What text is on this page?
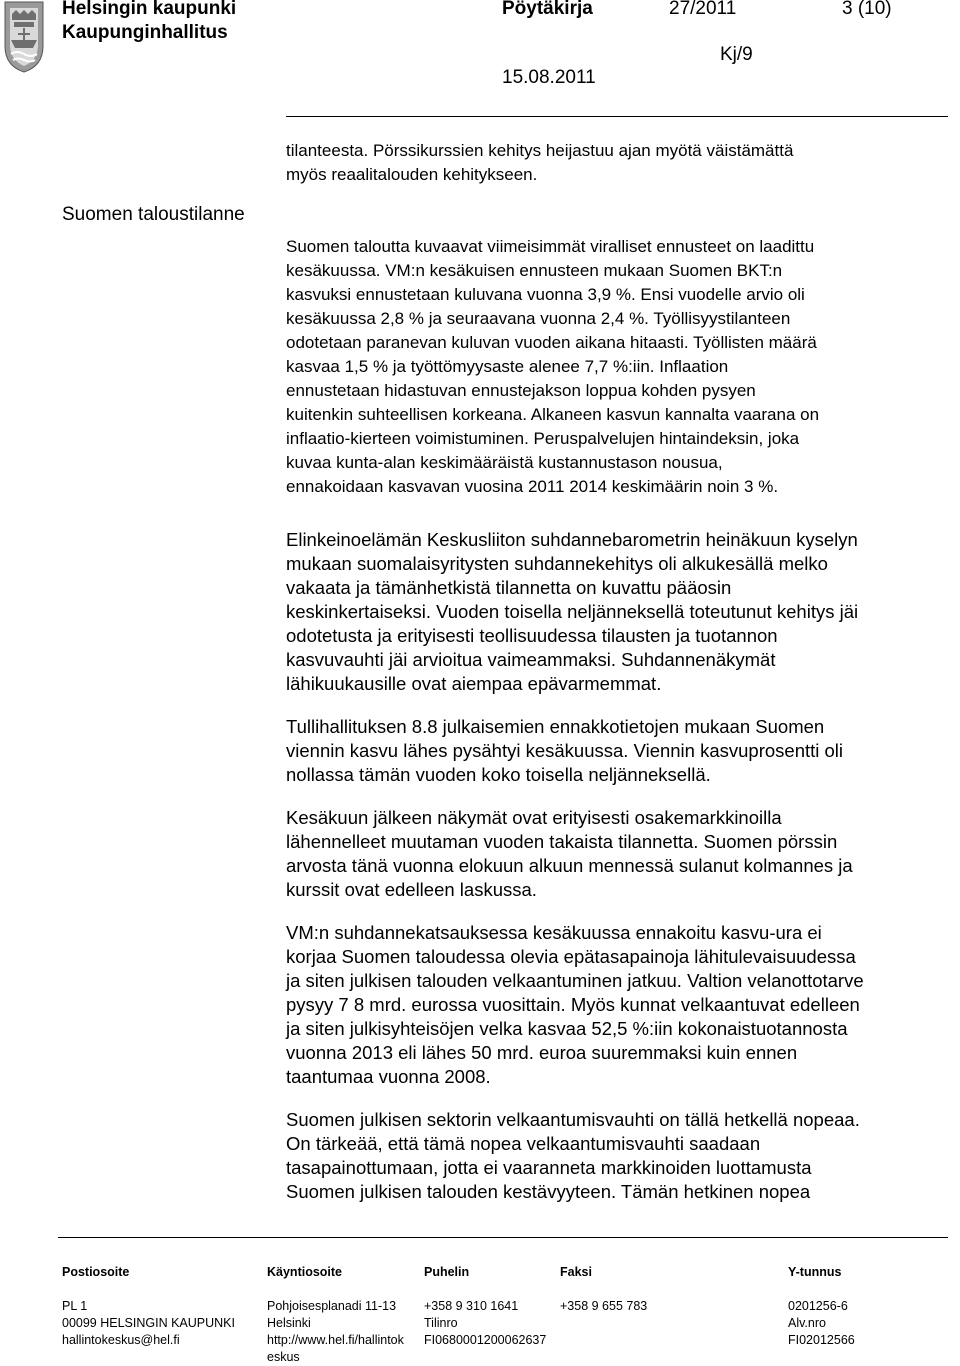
Helsingin kaupunki
Kaupunginhallitus
Pöytäkirja	27/2011	3 (10)
Kj/9
15.08.2011
Suomen taloustilanne

tilanteesta. Pörssikurssien kehitys heijastuu ajan myötä väistämättä
myös reaalitalouden kehitykseen.

Suomen taloutta kuvaavat viimeisimmät viralliset ennusteet on laadittu
kesäkuussa. VM:n kesäkuisen ennusteen mukaan Suomen BKT:n
kasvuksi ennustetaan kuluvana vuonna 3,9 %. Ensi vuodelle arvio oli
kesäkuussa 2,8 % ja seuraavana vuonna 2,4 %. Työllisyystilanteen
odotetaan paranevan kuluvan vuoden aikana hitaasti. Työllisten määrä
kasvaa 1,5 % ja työttömyysaste alenee 7,7 %:iin. Inflaation
ennustetaan hidastuvan ennustejakson loppua kohden pysyen
kuitenkin suhteellisen korkeana. Alkaneen kasvun kannalta vaarana on
inflaatio-kierteen voimistuminen. Peruspalvelujen hintaindeksin, joka
kuvaa kunta-alan keskimääräistä kustannustason nousua,
ennakoidaan kasvavan vuosina 2011 2014 keskimäärin noin 3 %.

Elinkeinoelämän Keskusliiton suhdannebarometrin heinäkuun kyselyn
mukaan suomalaisyritysten suhdannekehitys oli alkukesällä melko
vakaata ja tämänhetkistä tilannetta on kuvattu pääosin
keskinkertaiseksi. Vuoden toisella neljänneksellä toteutunut kehitys jäi
odotetusta ja erityisesti teollisuudessa tilausten ja tuotannon
kasvuvauhti jäi arvioitua vaimeammaksi. Suhdannenäkymät
lähikuukausille ovat aiempaa epävarmemmat.

Tullihallituksen 8.8 julkaisemien ennakkotietojen mukaan Suomen
viennin kasvu lähes pysähtyi kesäkuussa. Viennin kasvuprosentti oli
nollassa tämän vuoden koko toisella neljänneksellä.

Kesäkuun jälkeen näkymät ovat erityisesti osakemarkkinoilla
lähennelleet muutaman vuoden takaista tilannetta. Suomen pörssin
arvosta tänä vuonna elokuun alkuun mennessä sulanut kolmannes ja
kurssit ovat edelleen laskussa.

VM:n suhdannekatsauksessa kesäkuussa ennakoitu kasvu-ura ei
korjaa Suomen taloudessa olevia epätasapainoja lähitulevaisuudessa
ja siten julkisen talouden velkaantuminen jatkuu. Valtion velanottotarve
pysyy 7 8 mrd. eurossa vuosittain. Myös kunnat velkaantuvat edelleen
ja siten julkisyhteisöjen velka kasvaa 52,5 %:iin kokonaistuotannosta
vuonna 2013 eli lähes 50 mrd. euroa suuremmaksi kuin ennen
taantumaa vuonna 2008.

Suomen julkisen sektorin velkaantumisvauhti on tällä hetkellä nopeaa.
On tärkeää, että tämä nopea velkaantumisvauhti saadaan
tasapainottumaan, jotta ei vaaranneta markkinoiden luottamusta
Suomen julkisen talouden kestävyyteen. Tämän hetkinen nopea

Postiosoite

PL 1
00099 HELSINGIN KAUPUNKI
hallintokeskus@hel.fi

Käyntiosoite

Pohjoisesplanadi 11-13
Helsinki
http://www.hel.fi/hallintok
eskus

Puhelin

+358 9 310 1641
Tilinro
FI0680001200062637

Faksi

+358 9 655 783

Y-tunnus

0201256-6
Alv.nro
FI02012566
